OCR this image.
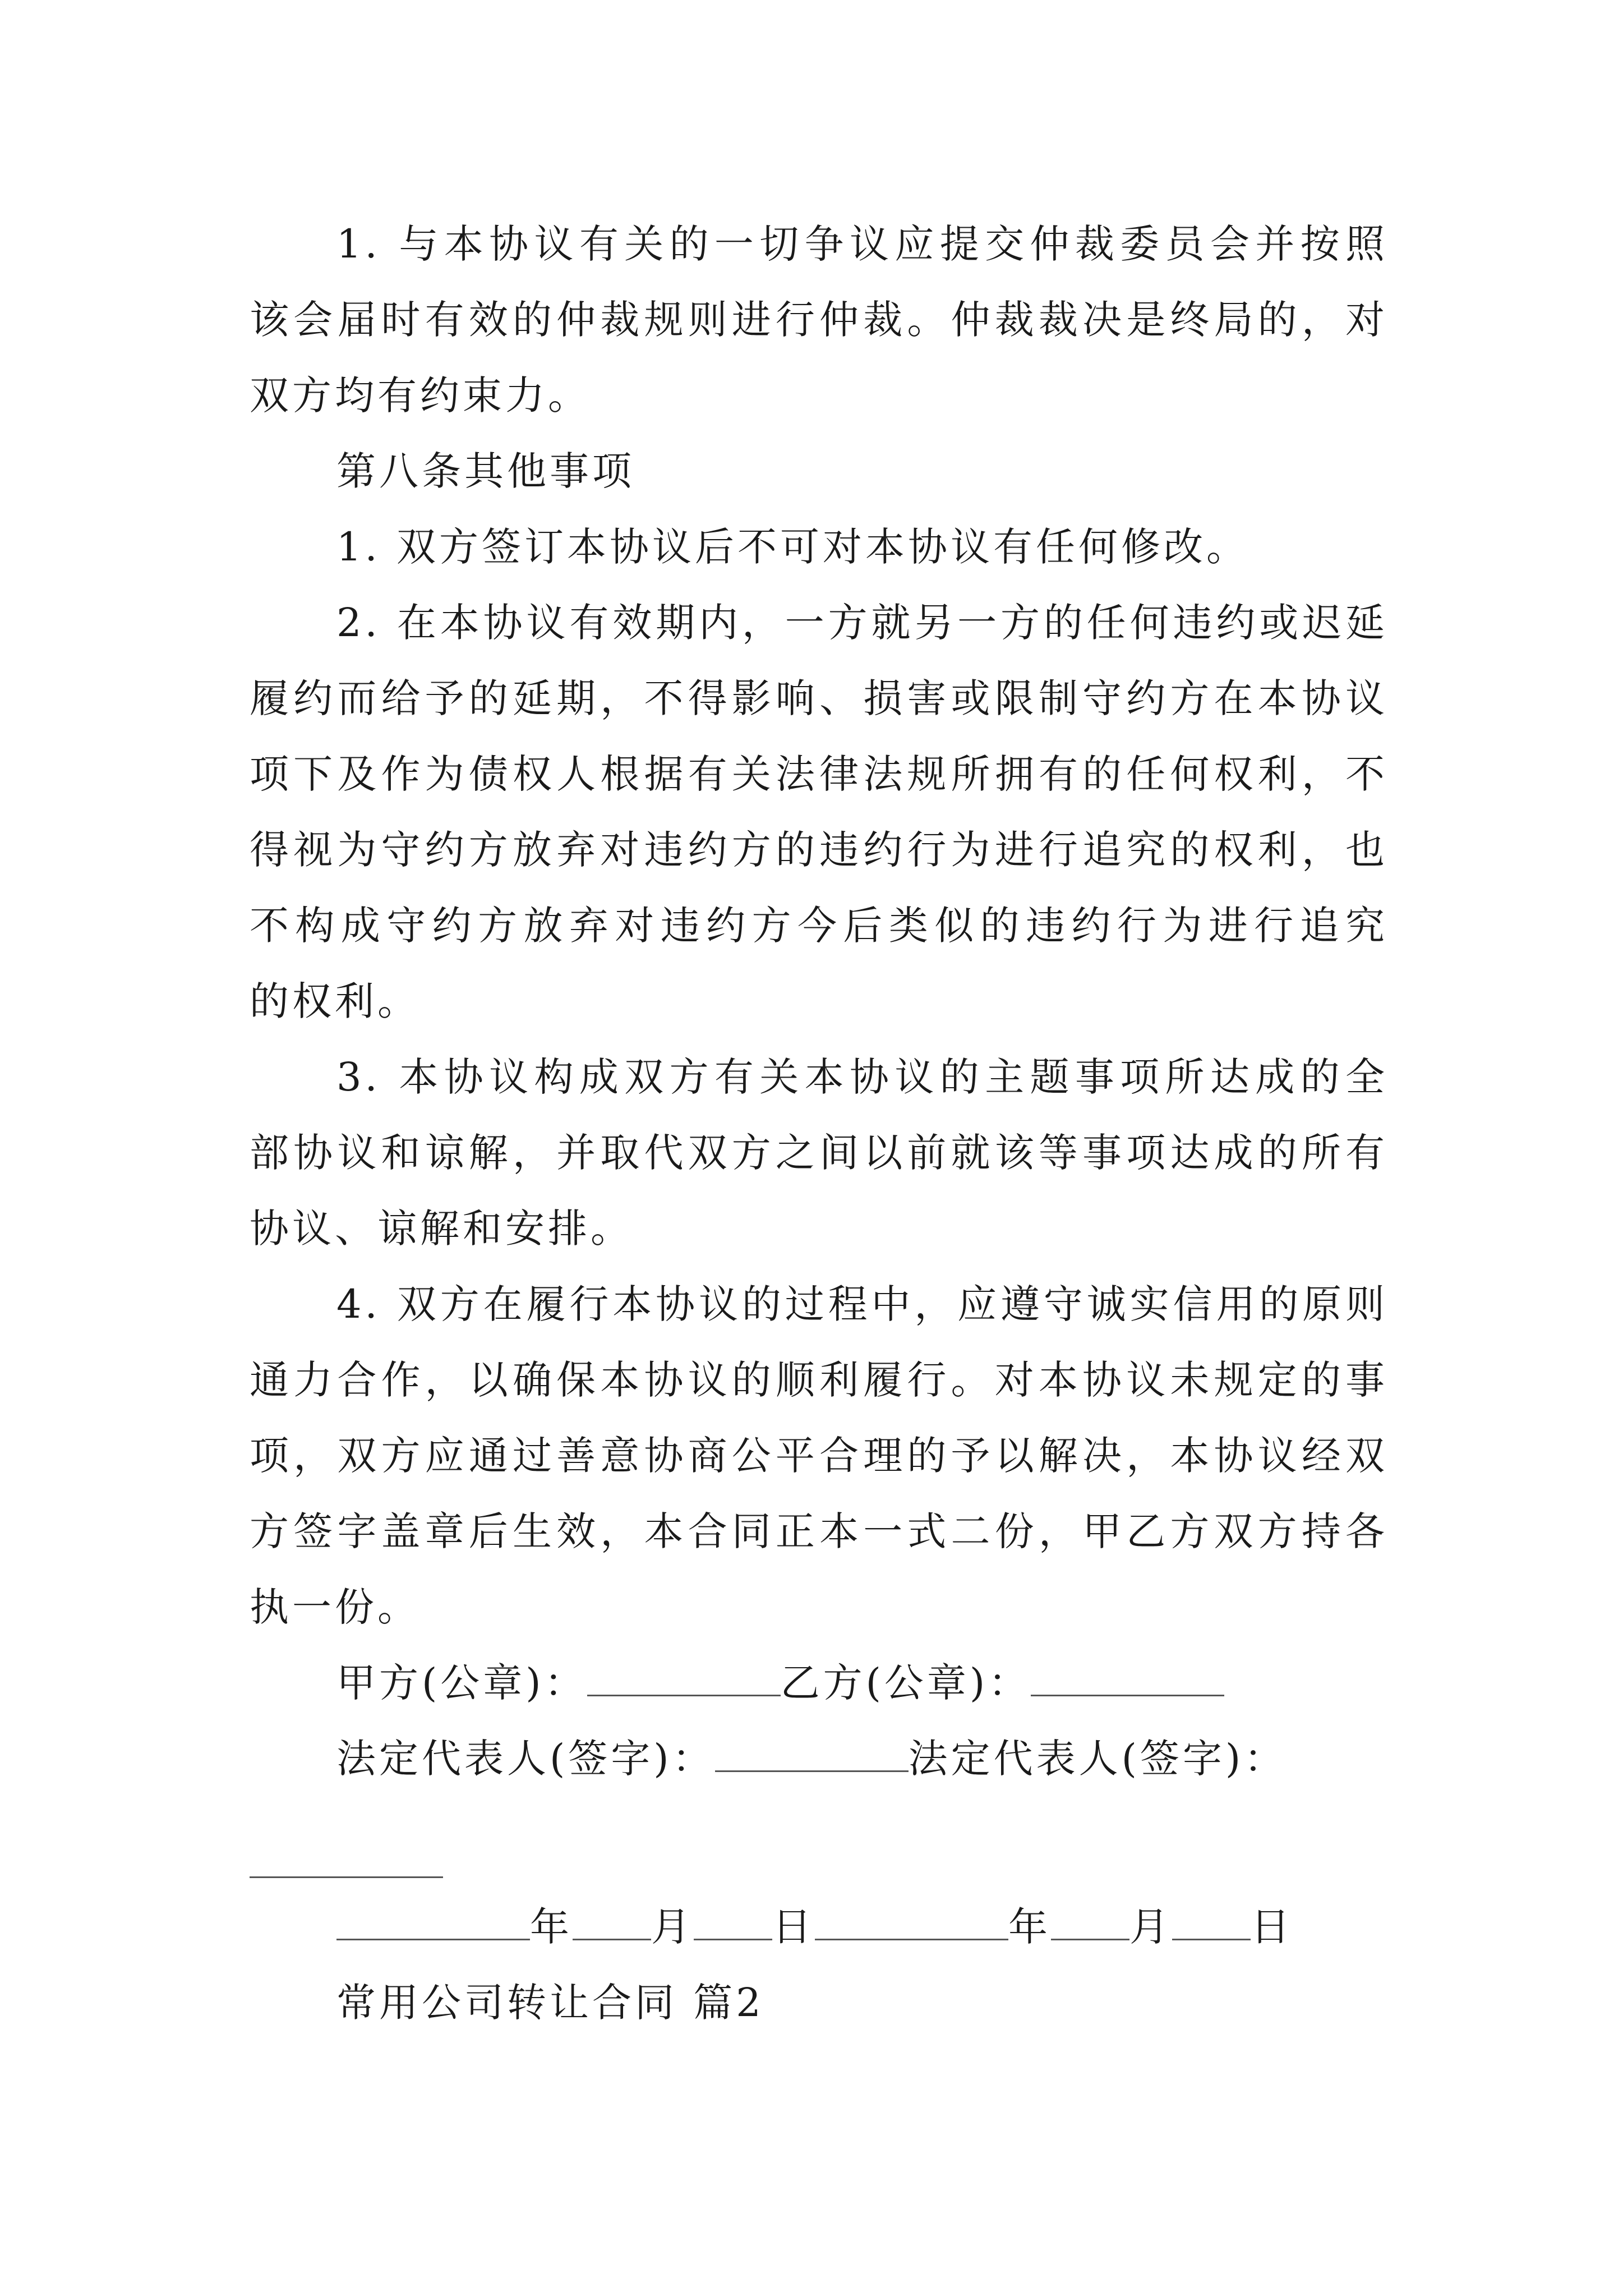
1. 与本协议有关的一切争议应提交仲裁委员会并按照
该会届时有效的仲裁规则进行仲裁。仲裁裁决是终局的，对
双方均有约束力。
第八条其他事项
1. 双方签订本协议后不可对本协议有任何修改。
2. 在本协议有效期内，一方就另一方的任何违约或迟延
履约而给予的延期，不得影响、损害或限制守约方在本协议
项下及作为债权人根据有关法律法规所拥有的任何权利，不
得视为守约方放弃对违约方的违约行为进行追究的权利，也
不构成守约方放弃对违约方今后类似的违约行为进行追究
的权利。
3. 本协议构成双方有关本协议的主题事项所达成的全
部协议和谅解，并取代双方之间以前就该等事项达成的所有
协议、谅解和安排。
4. 双方在履行本协议的过程中，应遵守诚实信用的原则
通力合作，以确保本协议的顺利履行。对本协议未规定的事
项，双方应通过善意协商公平合理的予以解决，本协议经双
方签字盖章后生效，本合同正本一式二份，甲乙方双方持各
执一份。
甲方(公章)：	乙方(公章)：
法定代表人(签字)：	法定代表人(签字)：
年 月 日	年 月 日
常用公司转让合同 篇2
